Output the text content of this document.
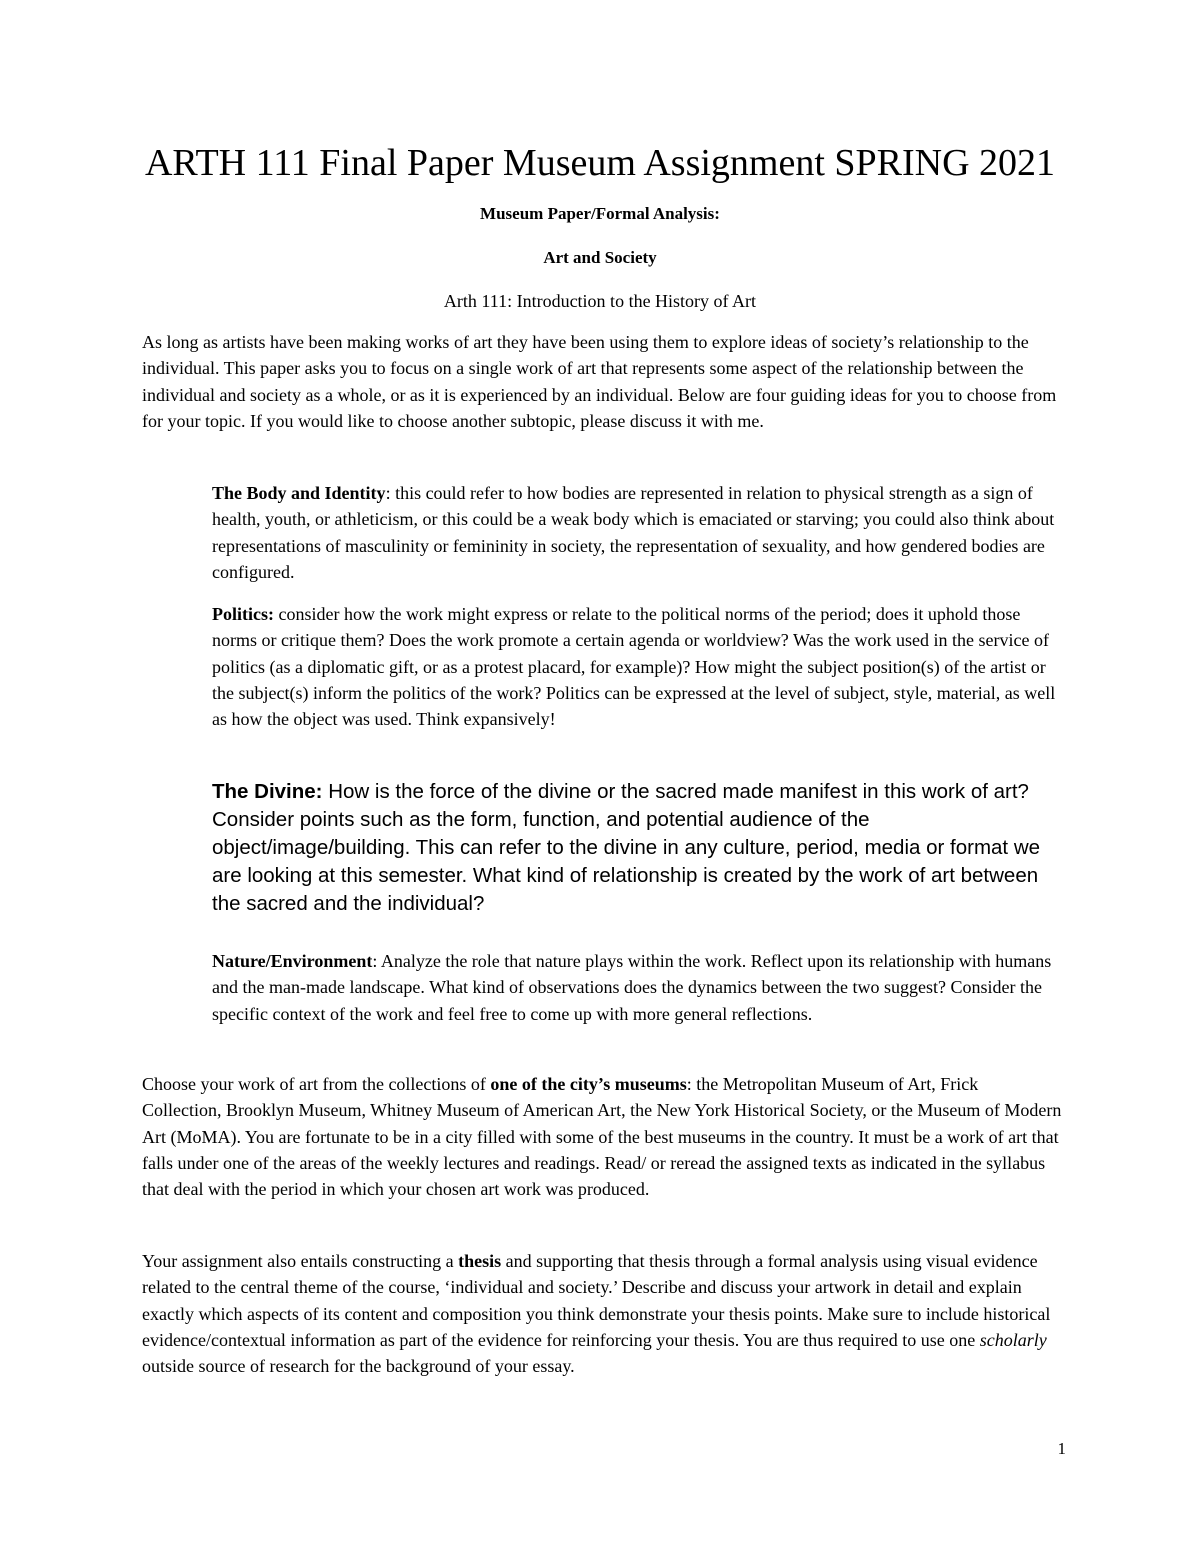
ARTH 111 Final Paper Museum Assignment SPRING 2021
Museum Paper/Formal Analysis:
Art and Society
Arth 111: Introduction to the History of Art

As long as artists have been making works of art they have been using them to explore ideas of society’s relationship to the individual. This paper asks you to focus on a single work of art that represents some aspect of the relationship between the individual and society as a whole, or as it is experienced by an individual. Below are four guiding ideas for you to choose from for your topic. If you would like to choose another subtopic, please discuss it with me.

The Body and Identity: this could refer to how bodies are represented in relation to physical strength as a sign of health, youth, or athleticism, or this could be a weak body which is emaciated or starving; you could also think about representations of masculinity or femininity in society, the representation of sexuality, and how gendered bodies are configured.

Politics: consider how the work might express or relate to the political norms of the period; does it uphold those norms or critique them? Does the work promote a certain agenda or worldview? Was the work used in the service of politics (as a diplomatic gift, or as a protest placard, for example)? How might the subject position(s) of the artist or the subject(s) inform the politics of the work? Politics can be expressed at the level of subject, style, material, as well as how the object was used. Think expansively!

The Divine: How is the force of the divine or the sacred made manifest in this work of art? Consider points such as the form, function, and potential audience of the object/image/building. This can refer to the divine in any culture, period, media or format we are looking at this semester. What kind of relationship is created by the work of art between the sacred and the individual?

Nature/Environment: Analyze the role that nature plays within the work. Reflect upon its relationship with humans and the man-made landscape. What kind of observations does the dynamics between the two suggest? Consider the specific context of the work and feel free to come up with more general reflections.

Choose your work of art from the collections of one of the city’s museums: the Metropolitan Museum of Art, Frick Collection, Brooklyn Museum, Whitney Museum of American Art, the New York Historical Society, or the Museum of Modern Art (MoMA). You are fortunate to be in a city filled with some of the best museums in the country. It must be a work of art that falls under one of the areas of the weekly lectures and readings. Read/ or reread the assigned texts as indicated in the syllabus that deal with the period in which your chosen art work was produced.

Your assignment also entails constructing a thesis and supporting that thesis through a formal analysis using visual evidence related to the central theme of the course, ‘individual and society.’ Describe and discuss your artwork in detail and explain exactly which aspects of its content and composition you think demonstrate your thesis points. Make sure to include historical evidence/contextual information as part of the evidence for reinforcing your thesis. You are thus required to use one scholarly outside source of research for the background of your essay.

1
